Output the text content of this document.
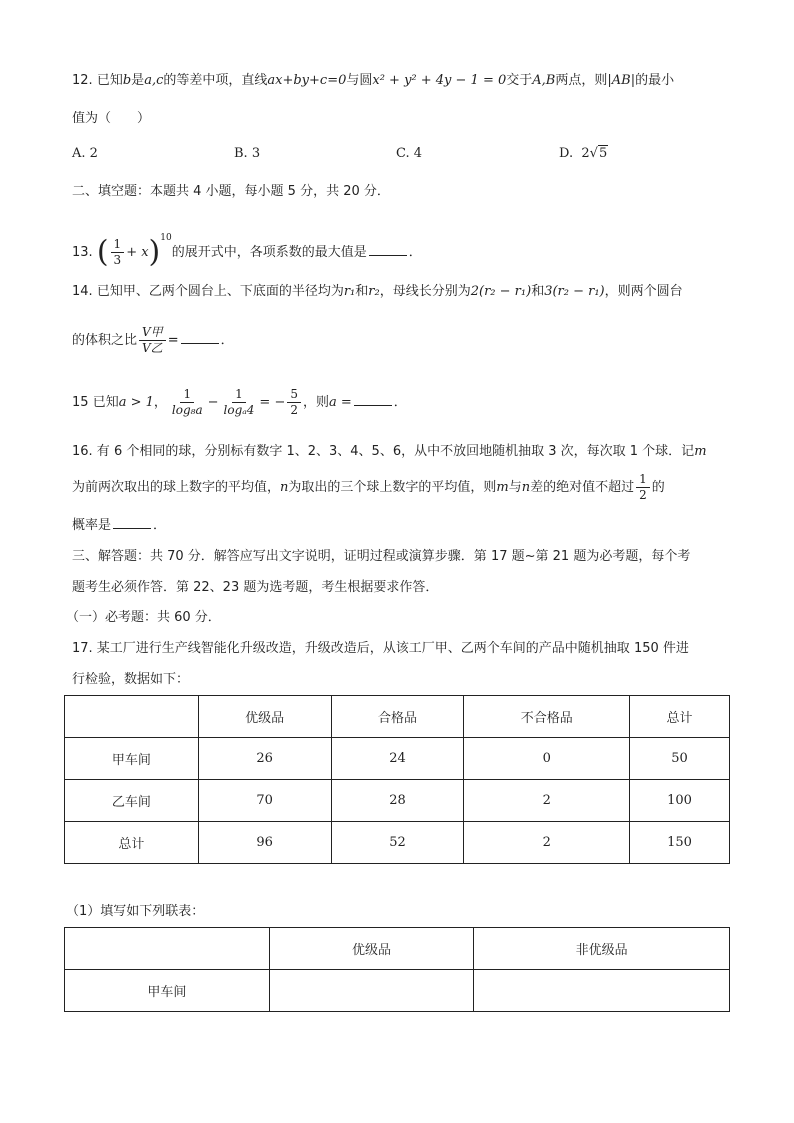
12. 已知b是a,c的等差中项，直线ax+by+c=0与圆x² + y² + 4y − 1 = 0交于A,B两点，则|AB|的最小
值为（　　）
A. 2	B. 3	C. 4	D. 2√5
二、填空题：本题共 4 小题，每小题 5 分，共 20 分．
13. ( $\frac{1}{3} + x)^{10}$的展开式中，各项系数的最大值是	．
14. 已知甲、乙两个圆台上、下底面的半径均为r₁和r₂，母线长分别为2(r₂ − r₁)和3(r₂ − r₁)，则两个圆台
的体积之比 $\frac{\text{V甲}}{\text{V乙}}$ =	．
15 已知a > 1， $\frac{1}{\text{log₈a}} - \frac{1}{\text{logₐ4}}$ = − $\frac{5}{2}$ ，则a =	．
16. 有 6 个相同的球，分别标有数字 1、2、3、4、5、6，从中不放回地随机抽取 3 次，每次取 1 个球．记m
为前两次取出的球上数字的平均值，n为取出的三个球上数字的平均值，则m与n差的绝对值不超过 $\frac{1}{2}$ 的
概率是	．
三、解答题：共 70 分．解答应写出文字说明，证明过程或演算步骤．第 17 题~第 21 题为必考题，每个考
题考生必须作答．第 22、23 题为选考题，考生根据要求作答．
（一）必考题：共 60 分．
17. 某工厂进行生产线智能化升级改造，升级改造后，从该工厂甲、乙两个车间的产品中随机抽取 150 件进
行检验，数据如下：
	优级品	合格品	不合格品	总计
甲车间	26	24	0	50
乙车间	70	28	2	100
总计	96	52	2	150
（1）填写如下列联表：
	优级品	非优级品
甲车间		
